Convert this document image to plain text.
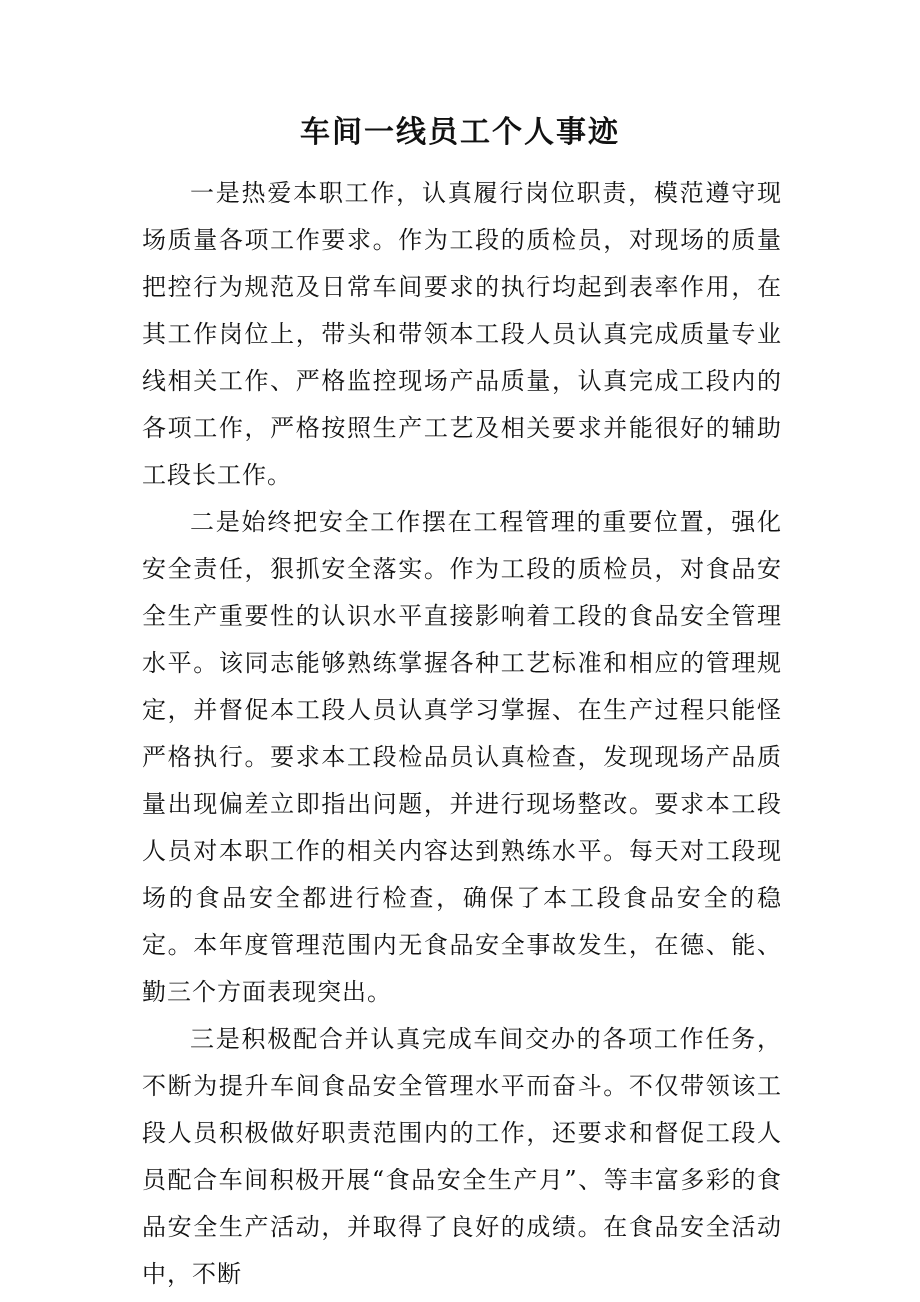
车间一线员工个人事迹

一是热爱本职工作，认真履行岗位职责，模范遵守现场质量各项工作要求。作为工段的质检员，对现场的质量把控行为规范及日常车间要求的执行均起到表率作用，在其工作岗位上，带头和带领本工段人员认真完成质量专业线相关工作、严格监控现场产品质量，认真完成工段内的各项工作，严格按照生产工艺及相关要求并能很好的辅助工段长工作。

二是始终把安全工作摆在工程管理的重要位置，强化安全责任，狠抓安全落实。作为工段的质检员，对食品安全生产重要性的认识水平直接影响着工段的食品安全管理水平。该同志能够熟练掌握各种工艺标准和相应的管理规定，并督促本工段人员认真学习掌握、在生产过程只能怪严格执行。要求本工段检品员认真检查，发现现场产品质量出现偏差立即指出问题，并进行现场整改。要求本工段人员对本职工作的相关内容达到熟练水平。每天对工段现场的食品安全都进行检查，确保了本工段食品安全的稳定。本年度管理范围内无食品安全事故发生，在德、能、勤三个方面表现突出。

三是积极配合并认真完成车间交办的各项工作任务，不断为提升车间食品安全管理水平而奋斗。不仅带领该工段人员积极做好职责范围内的工作，还要求和督促工段人员配合车间积极开展“食品安全生产月”、等丰富多彩的食品安全生产活动，并取得了良好的成绩。在食品安全活动中，不断
